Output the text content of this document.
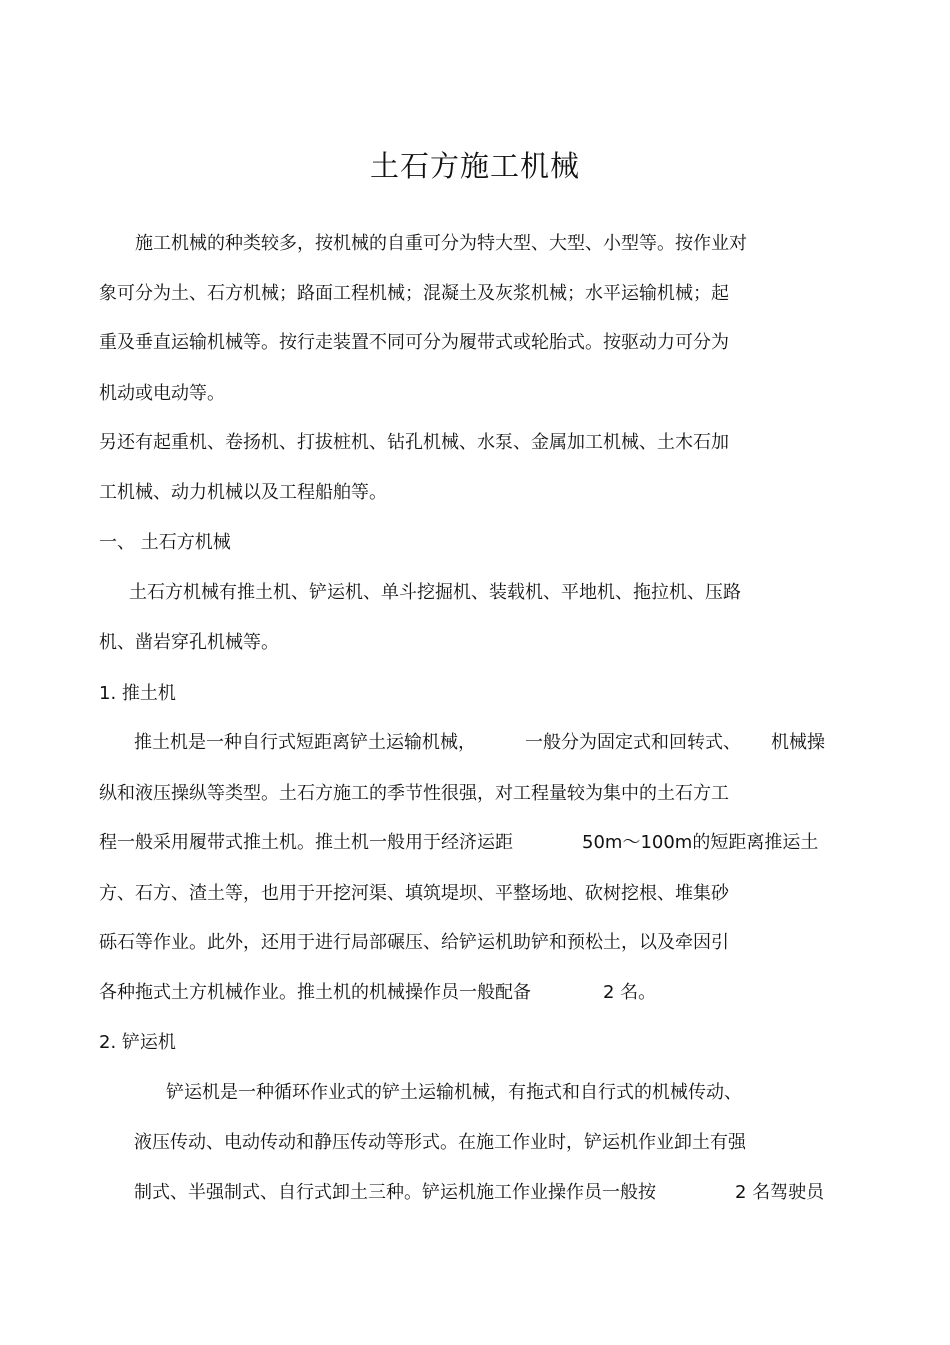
土石方施工机械
施工机械的种类较多，按机械的自重可分为特大型、大型、小型等。按作业对
象可分为土、石方机械；路面工程机械；混凝土及灰浆机械；水平运输机械；起
重及垂直运输机械等。按行走装置不同可分为履带式或轮胎式。按驱动力可分为
机动或电动等。
另还有起重机、卷扬机、打拔桩机、钻孔机械、水泵、金属加工机械、土木石加
工机械、动力机械以及工程船舶等。
一、 土石方机械
土石方机械有推土机、铲运机、单斗挖掘机、装载机、平地机、拖拉机、压路
机、凿岩穿孔机械等。
1. 推土机

推土机是一种自行式短距离铲土运输机械，

	一般分为固定式和回转式、

机械操

纵和液压操纵等类型。土石方施工的季节性很强，对工程量较为集中的土石方工

程一般采用履带式推土机。推土机一般用于经济运距

	50m～100m的短距离推运土

方、石方、渣土等，也用于开挖河渠、填筑堤坝、平整场地、砍树挖根、堆集砂
砾石等作业。此外，还用于进行局部碾压、给铲运机助铲和预松土，以及牵因引

各种拖式土方机械作业。推土机的机械操作员一般配备

	2 名。

2. 铲运机
铲运机是一种循环作业式的铲土运输机械，有拖式和自行式的机械传动、
液压传动、电动传动和静压传动等形式。在施工作业时，铲运机作业卸土有强

制式、半强制式、自行式卸土三种。铲运机施工作业操作员一般按

	2 名驾驶员
